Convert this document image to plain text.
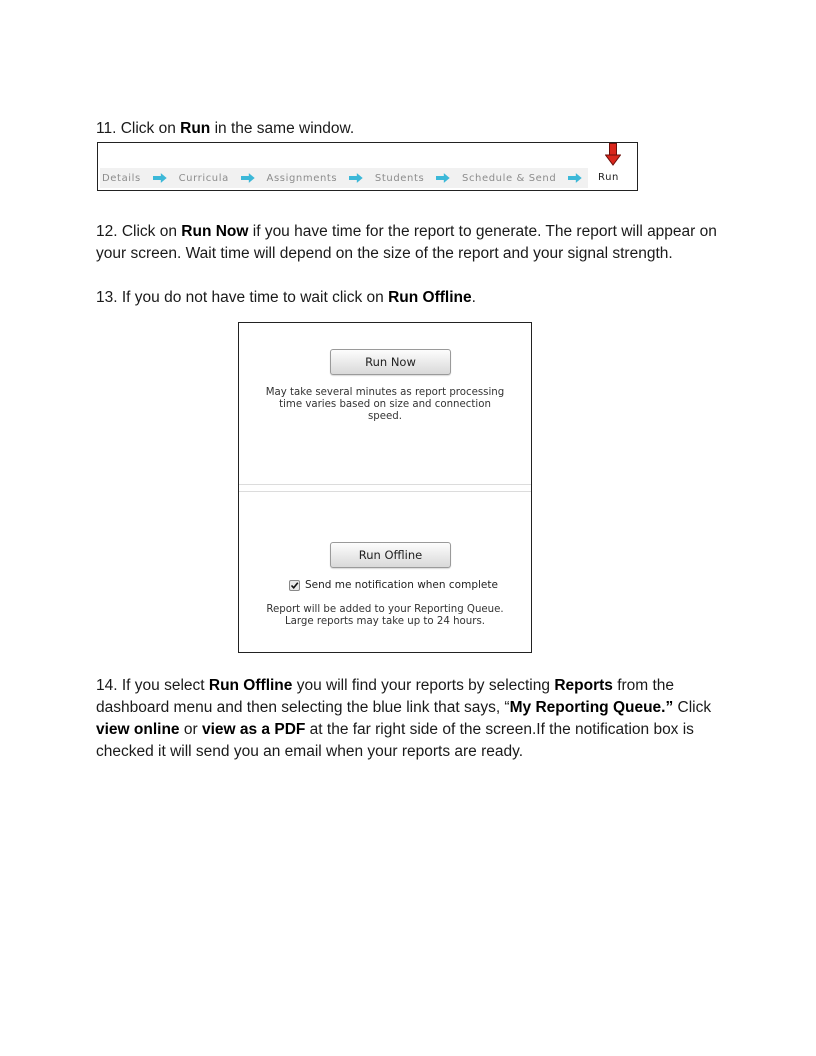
11. Click on Run in the same window.

Details	Curricula	Assignments	Students	Schedule & Send	Run

12. Click on Run Now if you have time for the report to generate. The report will appear on your screen. Wait time will depend on the size of the report and your signal strength.

13. If you do not have time to wait click on Run Offline.

Run Now
May take several minutes as report processing
time varies based on size and connection
speed.
Run Offline
Send me notification when complete
Report will be added to your Reporting Queue.
Large reports may take up to 24 hours.

14. If you select Run Offline you will find your reports by selecting Reports from the dashboard menu and then selecting the blue link that says, “My Reporting Queue.” Click view online or view as a PDF at the far right side of the screen.If the notification box is checked it will send you an email when your reports are ready.
